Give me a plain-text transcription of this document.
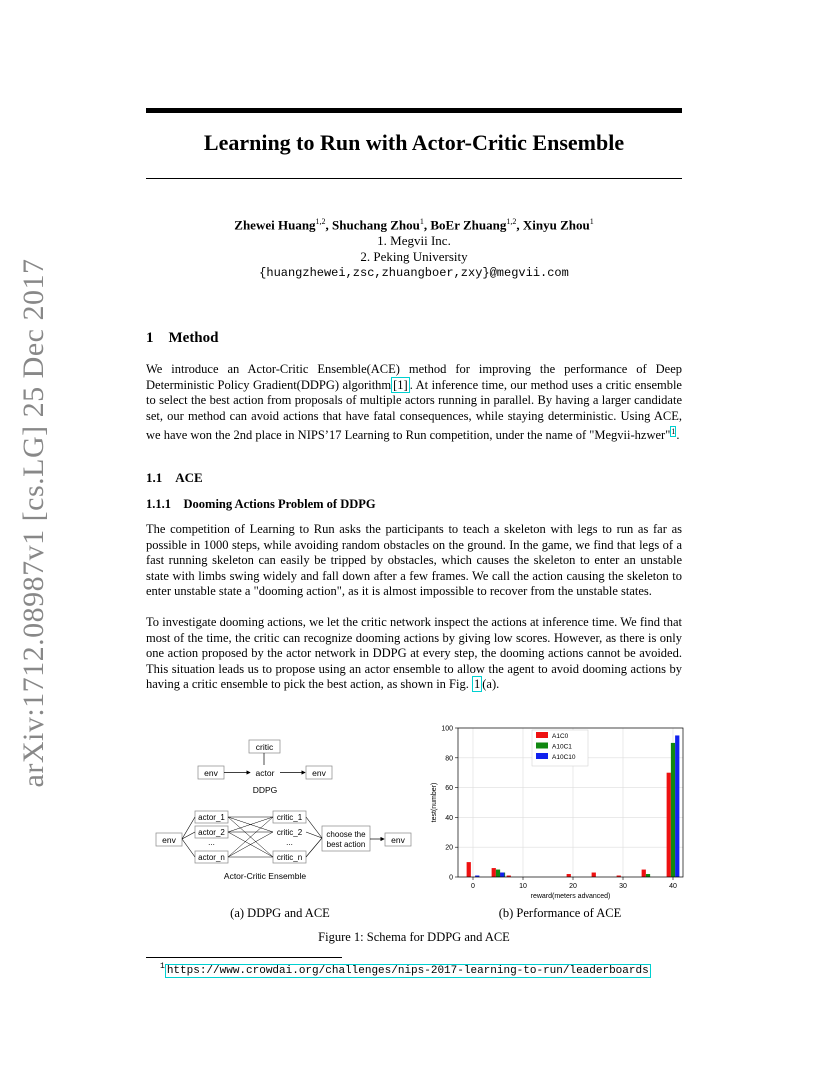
arXiv:1712.08987v1 [cs.LG] 25 Dec 2017
Learning to Run with Actor-Critic Ensemble
Zhewei Huang$^{1,2}$, Shuchang Zhou$^1$, BoEr Zhuang$^{1,2}$, Xinyu Zhou$^1$
1. Megvii Inc.
2. Peking University
{huangzhewei,zsc,zhuangboer,zxy}@megvii.com
1 Method
We introduce an Actor-Critic Ensemble(ACE) method for improving the performance of Deep Deterministic Policy Gradient(DDPG) algorithm [1] . At inference time, our method uses a critic ensemble to select the best action from proposals of multiple actors running in parallel. By having a larger candidate set, our method can avoid actions that have fatal consequences, while staying deterministic. Using ACE, we have won the 2nd place in NIPS’17 Learning to Run competition, under the name of "Megvii-hzwer"$^1$.
1.1 ACE
1.1.1 Dooming Actions Problem of DDPG
The competition of Learning to Run asks the participants to teach a skeleton with legs to run as far as possible in 1000 steps, while avoiding random obstacles on the ground. In the game, we find that legs of a fast running skeleton can easily be tripped by obstacles, which causes the skeleton to enter an unstable state with limbs swing widely and fall down after a few frames. We call the action causing the skeleton to enter unstable state a "dooming action", as it is almost impossible to recover from the unstable states.
To investigate dooming actions, we let the critic network inspect the actions at inference time. We find that most of the time, the critic can recognize dooming actions by giving low scores. However, as there is only one action proposed by the actor network in DDPG at every step, the dooming actions cannot be avoided. This situation leads us to propose using an actor ensemble to allow the agent to avoid dooming actions by having a critic ensemble to pick the best action, as shown in Fig. 1 (a).
critic
env	actor	env
DDPG
env
actor_1
actor_2
...
actor_n
critic_1
critic_2
...
critic_n
choose the
best action	env
Actor-Critic Ensemble
0	10	20	30	40
0
20
40
60
80
100
reward(meters advanced)
test(number)
A1C0
A10C1
A10C10
(a) DDPG and ACE	(b) Performance of ACE
Figure 1: Schema for DDPG and ACE
$^1$ https://www.crowdai.org/challenges/nips-2017-learning-to-run/leaderboards
